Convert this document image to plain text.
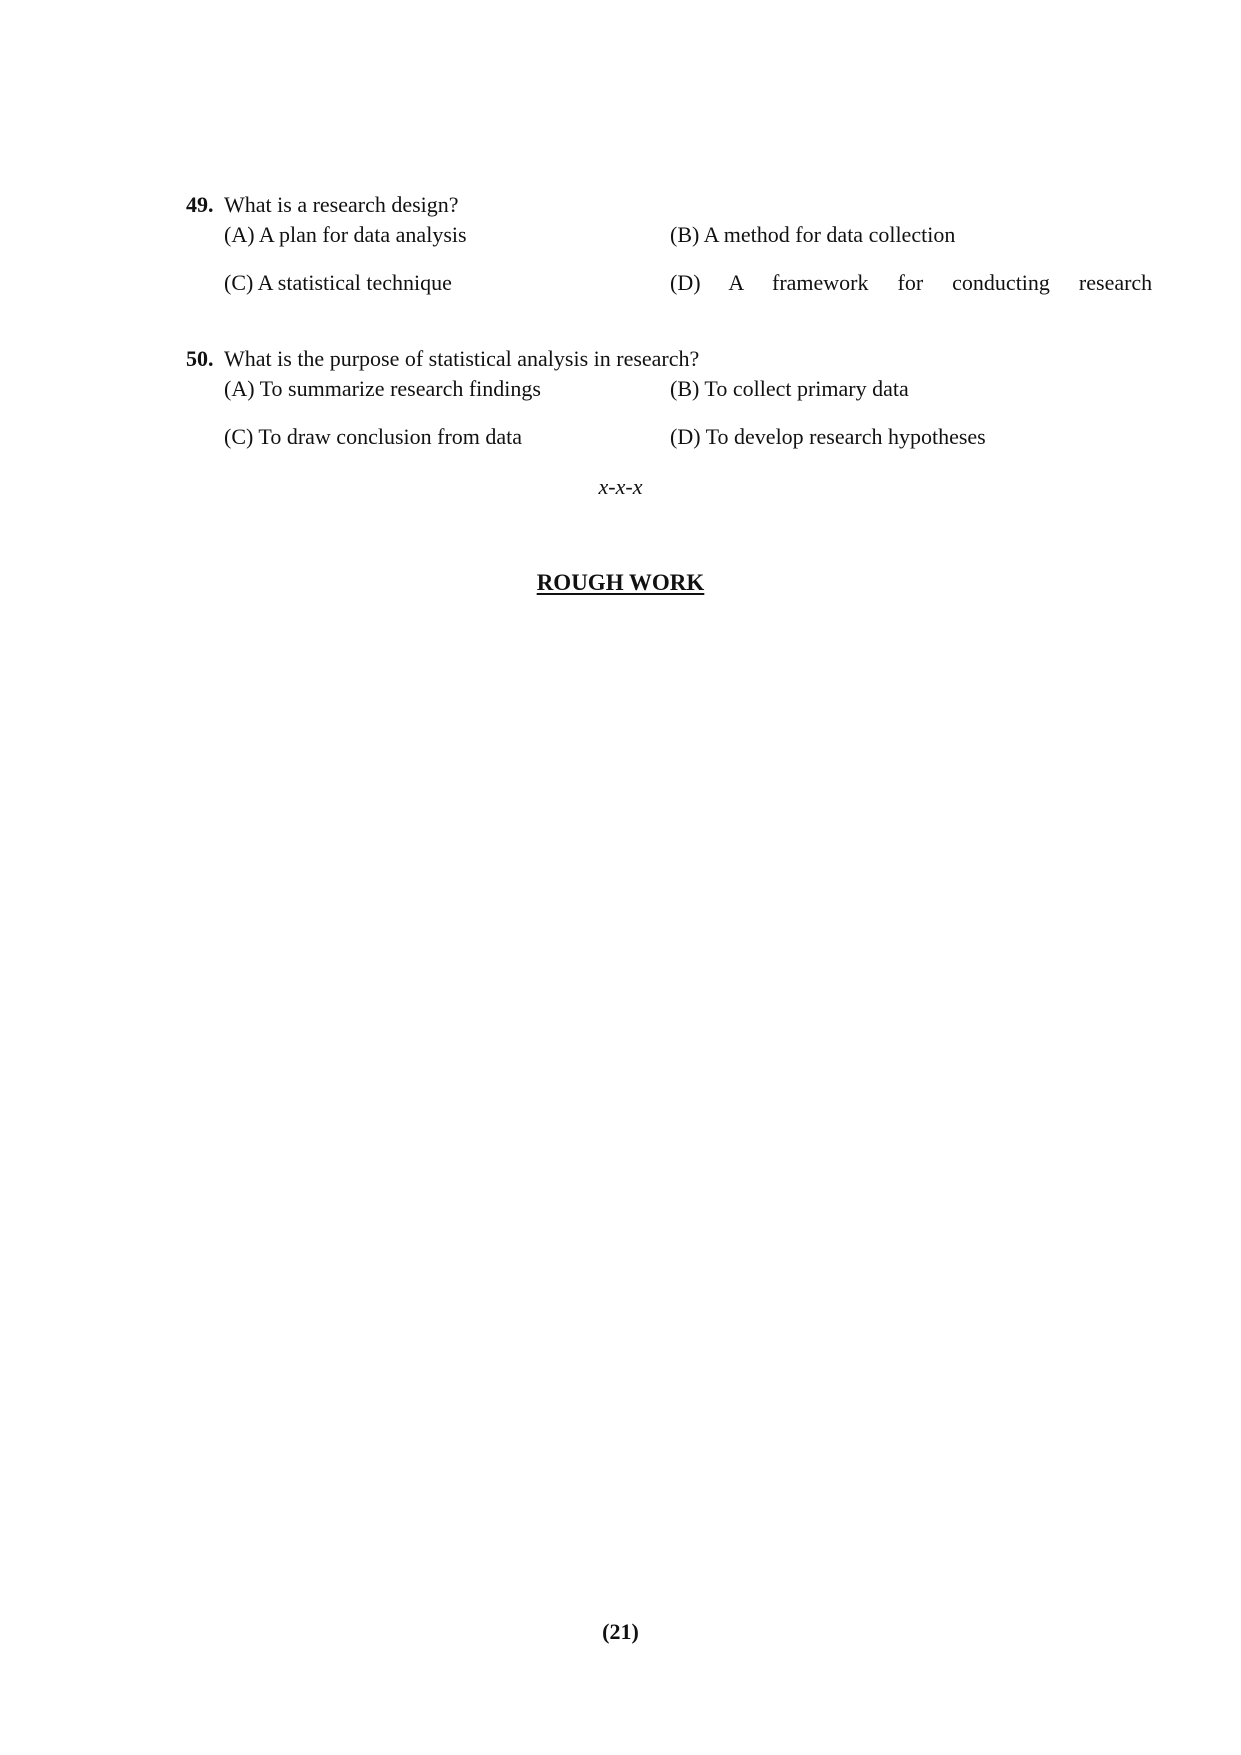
49. What is a research design?
(A) A plan for data analysis	(B) A method for data collection
(C) A statistical technique	(D)  A  framework  for  conducting  research
50. What is the purpose of statistical analysis in research?
(A) To summarize research findings	(B) To collect primary data
(C) To draw conclusion from data	(D) To develop research hypotheses
x-x-x
ROUGH WORK
(21)
